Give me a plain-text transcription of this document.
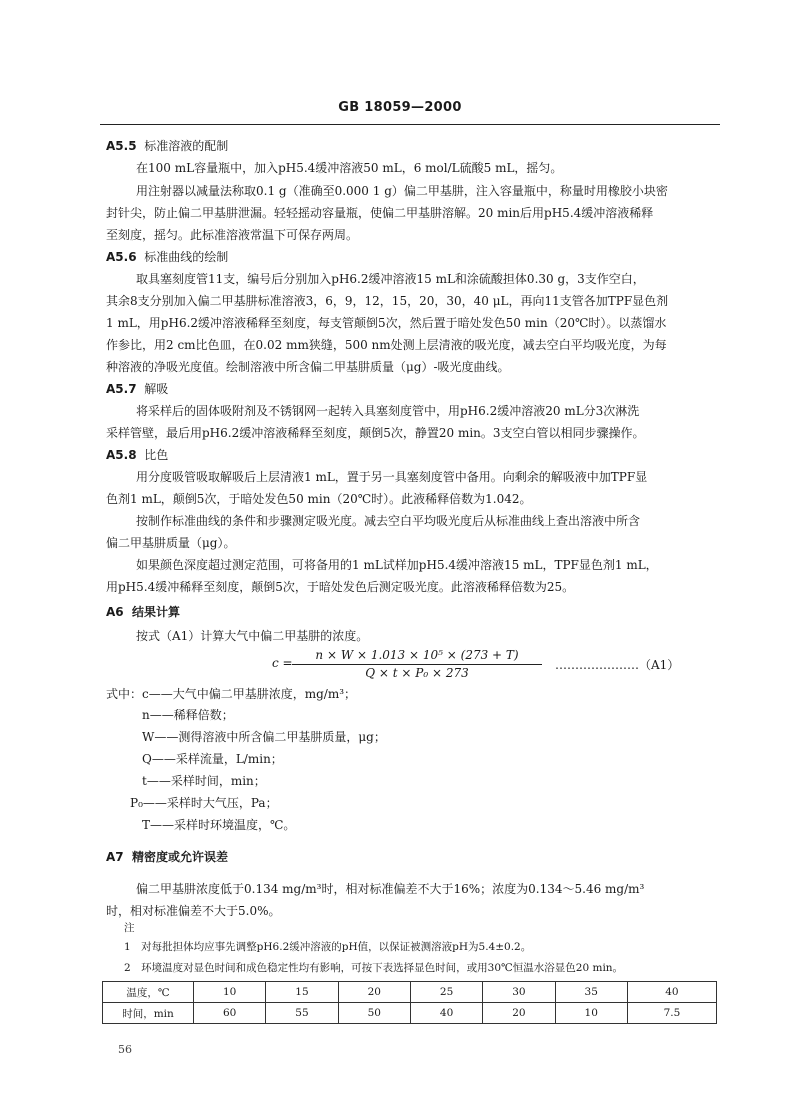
GB 18059—2000
A5.5 标准溶液的配制
在100 mL容量瓶中，加入pH5.4缓冲溶液50 mL，6 mol/L硫酸5 mL，摇匀。
用注射器以减量法称取0.1 g（准确至0.000 1 g）偏二甲基肼，注入容量瓶中，称量时用橡胶小块密
封针尖，防止偏二甲基肼泄漏。轻轻摇动容量瓶，使偏二甲基肼溶解。20 min后用pH5.4缓冲溶液稀释
至刻度，摇匀。此标准溶液常温下可保存两周。
A5.6 标准曲线的绘制
取具塞刻度管11支，编号后分别加入pH6.2缓冲溶液15 mL和涂硫酸担体0.30 g，3支作空白，
其余8支分别加入偏二甲基肼标准溶液3，6，9，12，15，20，30，40 μL，再向11支管各加TPF显色剂
1 mL，用pH6.2缓冲溶液稀释至刻度，每支管颠倒5次，然后置于暗处发色50 min（20℃时）。以蒸馏水
作参比，用2 cm比色皿，在0.02 mm狭缝，500 nm处测上层清液的吸光度，减去空白平均吸光度，为每
种溶液的净吸光度值。绘制溶液中所含偏二甲基肼质量（μg）-吸光度曲线。
A5.7 解吸
将采样后的固体吸附剂及不锈钢网一起转入具塞刻度管中，用pH6.2缓冲溶液20 mL分3次淋洗
采样管壁，最后用pH6.2缓冲溶液稀释至刻度，颠倒5次，静置20 min。3支空白管以相同步骤操作。
A5.8 比色
用分度吸管吸取解吸后上层清液1 mL，置于另一具塞刻度管中备用。向剩余的解吸液中加TPF显
色剂1 mL，颠倒5次，于暗处发色50 min（20℃时）。此液稀释倍数为1.042。
按制作标准曲线的条件和步骤测定吸光度。减去空白平均吸光度后从标准曲线上查出溶液中所含
偏二甲基肼质量（μg）。
如果颜色深度超过测定范围，可将备用的1 mL试样加pH5.4缓冲溶液15 mL，TPF显色剂1 mL，
用pH5.4缓冲稀释至刻度，颠倒5次，于暗处发色后测定吸光度。此溶液稀释倍数为25。
A6 结果计算
按式（A1）计算大气中偏二甲基肼的浓度。
$c = \frac{\text{n × W × 1.013 × 10⁵ × (273 + T)}}{\text{Q × t × P₀ × 273}}$ …………………（A1）
式中： c——大气中偏二甲基肼浓度，mg/m³；
n——稀释倍数；
W——测得溶液中所含偏二甲基肼质量，μg；
Q——采样流量，L/min；
t——采样时间，min；
P₀——采样时大气压，Pa；
T——采样时环境温度，℃。
A7 精密度或允许误差
偏二甲基肼浓度低于0.134 mg/m³时，相对标准偏差不大于16%；浓度为0.134～5.46 mg/m³
时，相对标准偏差不大于5.0%。
注
1　对每批担体均应事先调整pH6.2缓冲溶液的pH值，以保证被测溶液pH为5.4±0.2。
2　环境温度对显色时间和成色稳定性均有影响，可按下表选择显色时间，或用30℃恒温水浴显色20 min。
温度，℃	10	15	20	25	30	35	40
时间，min	60	55	50	40	20	10	7.5
56
